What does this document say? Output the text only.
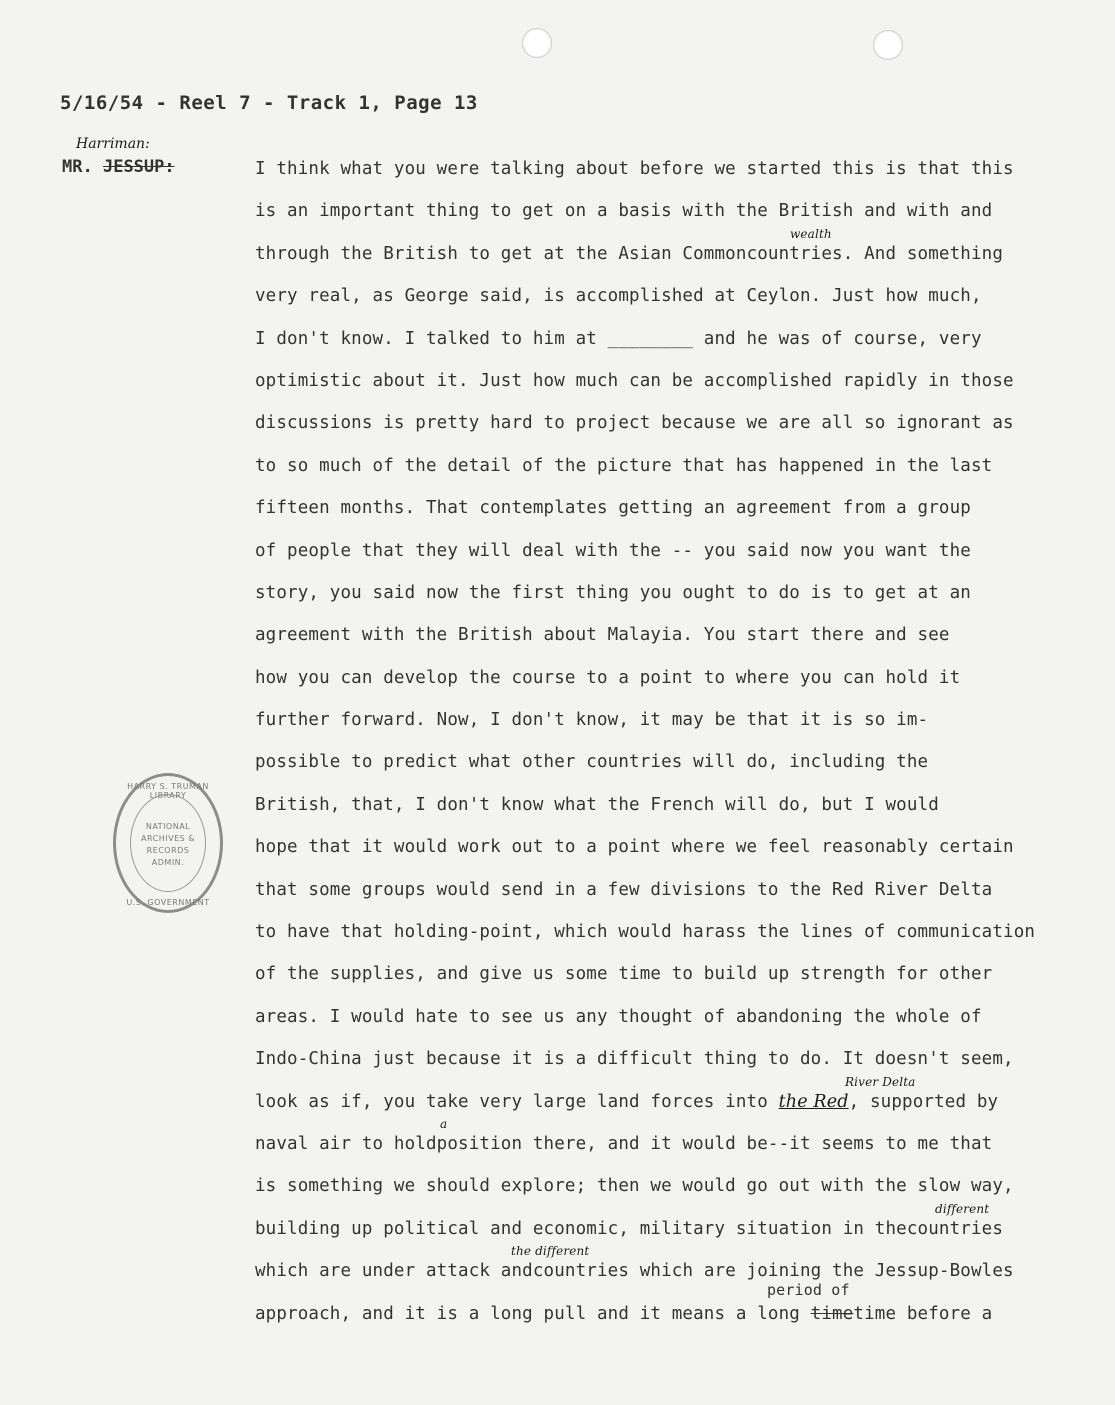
5/16/54 - Reel 7 - Track 1, Page 13
Harriman:
MR. JESSUP:	I think what you were talking about before we started this is that this
is an important thing to get on a basis with the British and with and
through the British to get at the Asian Common
wealth
countries. And something
very real, as George said, is accomplished at Ceylon. Just how much,
I don't know. I talked to him at ________ and he was of course, very
optimistic about it. Just how much can be accomplished rapidly in those
discussions is pretty hard to project because we are all so ignorant as
to so much of the detail of the picture that has happened in the last
fifteen months. That contemplates getting an agreement from a group
of people that they will deal with the -- you said now you want the
story, you said now the first thing you ought to do is to get at an
agreement with the British about Malayia. You start there and see
how you can develop the course to a point to where you can hold it
further forward. Now, I don't know, it may be that it is so im-
possible to predict what other countries will do, including the
British, that, I don't know what the French will do, but I would
hope that it would work out to a point where we feel reasonably certain
that some groups would send in a few divisions to the Red River Delta
to have that holding-point, which would harass the lines of communication
of the supplies, and give us some time to build up strength for other
areas. I would hate to see us any thought of abandoning the whole of
Indo-China just because it is a difficult thing to do. It doesn't seem,
look as if, you take very large land forces into the Red
River Delta
, supported by
naval air to hold
a
position there, and it would be--it seems to me that
is something we should explore; then we would go out with the slow way,
building up political and economic, military situation in the
different
countries
which are under attack and
the different
countries which are joining the Jessup-Bowles
approach, and it is a long pull and it means a long
period of
timetime before a
HARRY S. TRUMAN LIBRARY
NATIONAL
ARCHIVES &
RECORDS
ADMIN.
U.S. GOVERNMENT
